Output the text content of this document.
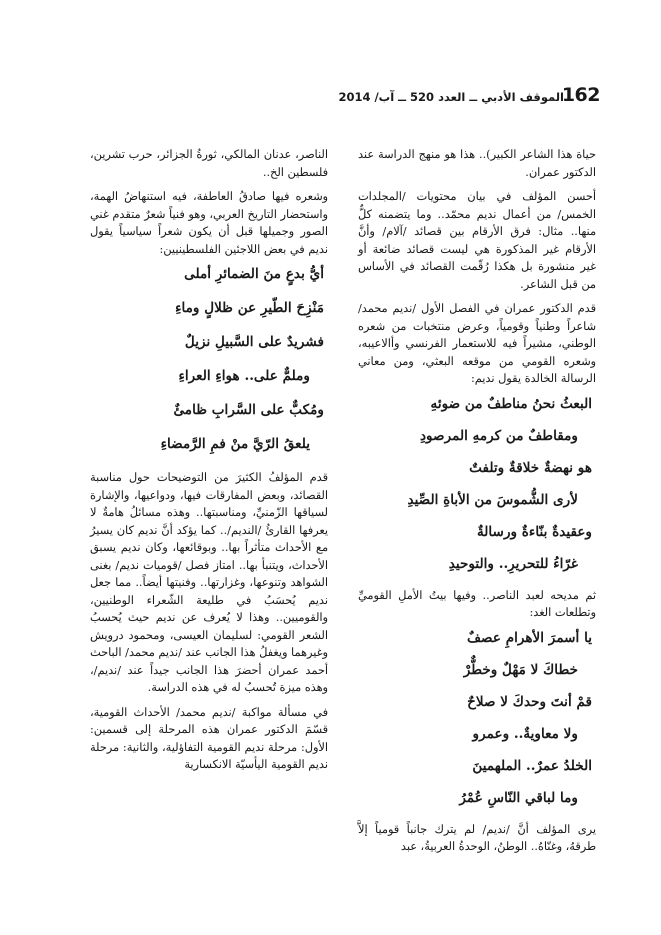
162
الموقف الأدبي ــ العدد 520 ــ آب/ 2014

حياة هذا الشاعر الكبير).. هذا هو منهج الدراسة عند الدكتور عمران.

أحسن المؤلف في بيان محتويات /المجلدات الخمس/ من أعمال نديم محمّد.. وما يتضمنه كلٌّ منها.. مثال: فرق الأرقام بين قصائد /آلام/ وأنَّ الأرقام غير المذكورة هي ليست قصائد ضائعة أو غير منشورة بل هكذا رُقّمت القصائد في الأساس من قبل الشاعر.

قدم الدكتور عمران في الفصل الأول /نديم محمد/ شاعراً وطنياً وقومياً، وعرض منتخبات من شعره الوطني، مشيراً فيه للاستعمار الفرنسي وأالاعيبه، وشعره القومي من موقعه البعثي، ومن معاني الرسالة الخالدة يقول نديم:

البعثُ نحنُ مناطفٌ من ضوئهِ
ومقاطفٌ من كرمهِ المرصودِ
هو نهضةٌ خلاقةٌ وتلفتٌ
لأرى الشُّموسَ من الأباةِ الصِّيدِ
وعقيدةٌ بنّاءةٌ ورسالةٌ
غرّاءُ للتحريرِ.. والتوحيدِ

ثم مديحه لعبد الناصر.. وفيها بيتُ الأملِ القوميِّ وتطلعات الغد:

يا أسمرَ الأهرامِ عصفٌ
خطاكَ لا مَهْلٌ وخطٌّرْ
قمْ أنتَ وحدكَ لا صلاحٌ
ولا معاويةٌ.. وعمرو
الخلدُ عمرٌ.. الملهمينَ
وما لباقي النّاسِ عُمْرُ

يرى المؤلف أنَّ /نديم/ لم يترك جانباً قومياً إلاَّ طرقهُ، وغنّاهُ.. الوطنُ، الوحدةُ العربيةُ، عبد

الناصر، عدنان المالكي، ثورةُ الجزائر، حرب تشرين، فلسطين الخ..

وشعره فيها صادقُ العاطفة، فيه استنهاضُ الهمة، واستحضار التاريخ العربي، وهو فنياً شعرٌ متقدم غني الصور وجميلها قبل أن يكون شعراً سياسياً يقول نديم في بعض اللاجئين الفلسطينيين:

أيُّ بدعٍ منَ الضمائرِ أملى
مَنْزِحَ الطّيرِ عن ظلالٍ وماءِ
فشريدٌ على السَّبيلِ نزيلٌ
وملمٌّ على.. هواءِ العراءِ
ومُكبٌّ على السَّرابِ ظامئٌ
يلعقُ الرّيَّ منْ فمِ الرَّمضاءِ

قدم المؤلفُ الكثيرَ من التوضيحات حول مناسبة القصائد، وبعض المفارقات فيها، ودواعيها، والإشارة لسياقها الزّمنيِّ، ومناسبتها.. وهذه مسائلُ هامةٌ لا يعرفها القارئُ /النديم/.. كما يؤكد أنَّ نديم كان يسيرُ مع الأحداث متأثراً بها.. وبوقائعها، وكان نديم يسبق الأحداث، ويتنبأ بها.. امتاز فصل /قوميات نديم/ بغنى الشواهد وتنوعها، وغزارتها.. وفنيتها أيضاً.. مما جعل نديم يُحسَبُ في طليعة الشّعراء الوطنيين، والقوميين.. وهذا لا يُعرف عن نديم حيث يُحسبُ الشعر القومي: لسليمان العيسى، ومحمود درويش وغيرهما ويغفلُ هذا الجانب عند /نديم محمد/ الباحث أحمد عمران أحضرَ هذا الجانب جيداً عند /نديم/، وهذه ميزة تُحسبُ له في هذه الدراسة.

في مسألة مواكبة /نديم محمد/ الأحداث القومية، قسّمَ الدكتور عمران هذه المرحلة إلى قسمين: الأول: مرحلة نديم القومية التفاؤلية، والثانية: مرحلة نديم القومية اليأسيّة الانكسارية
